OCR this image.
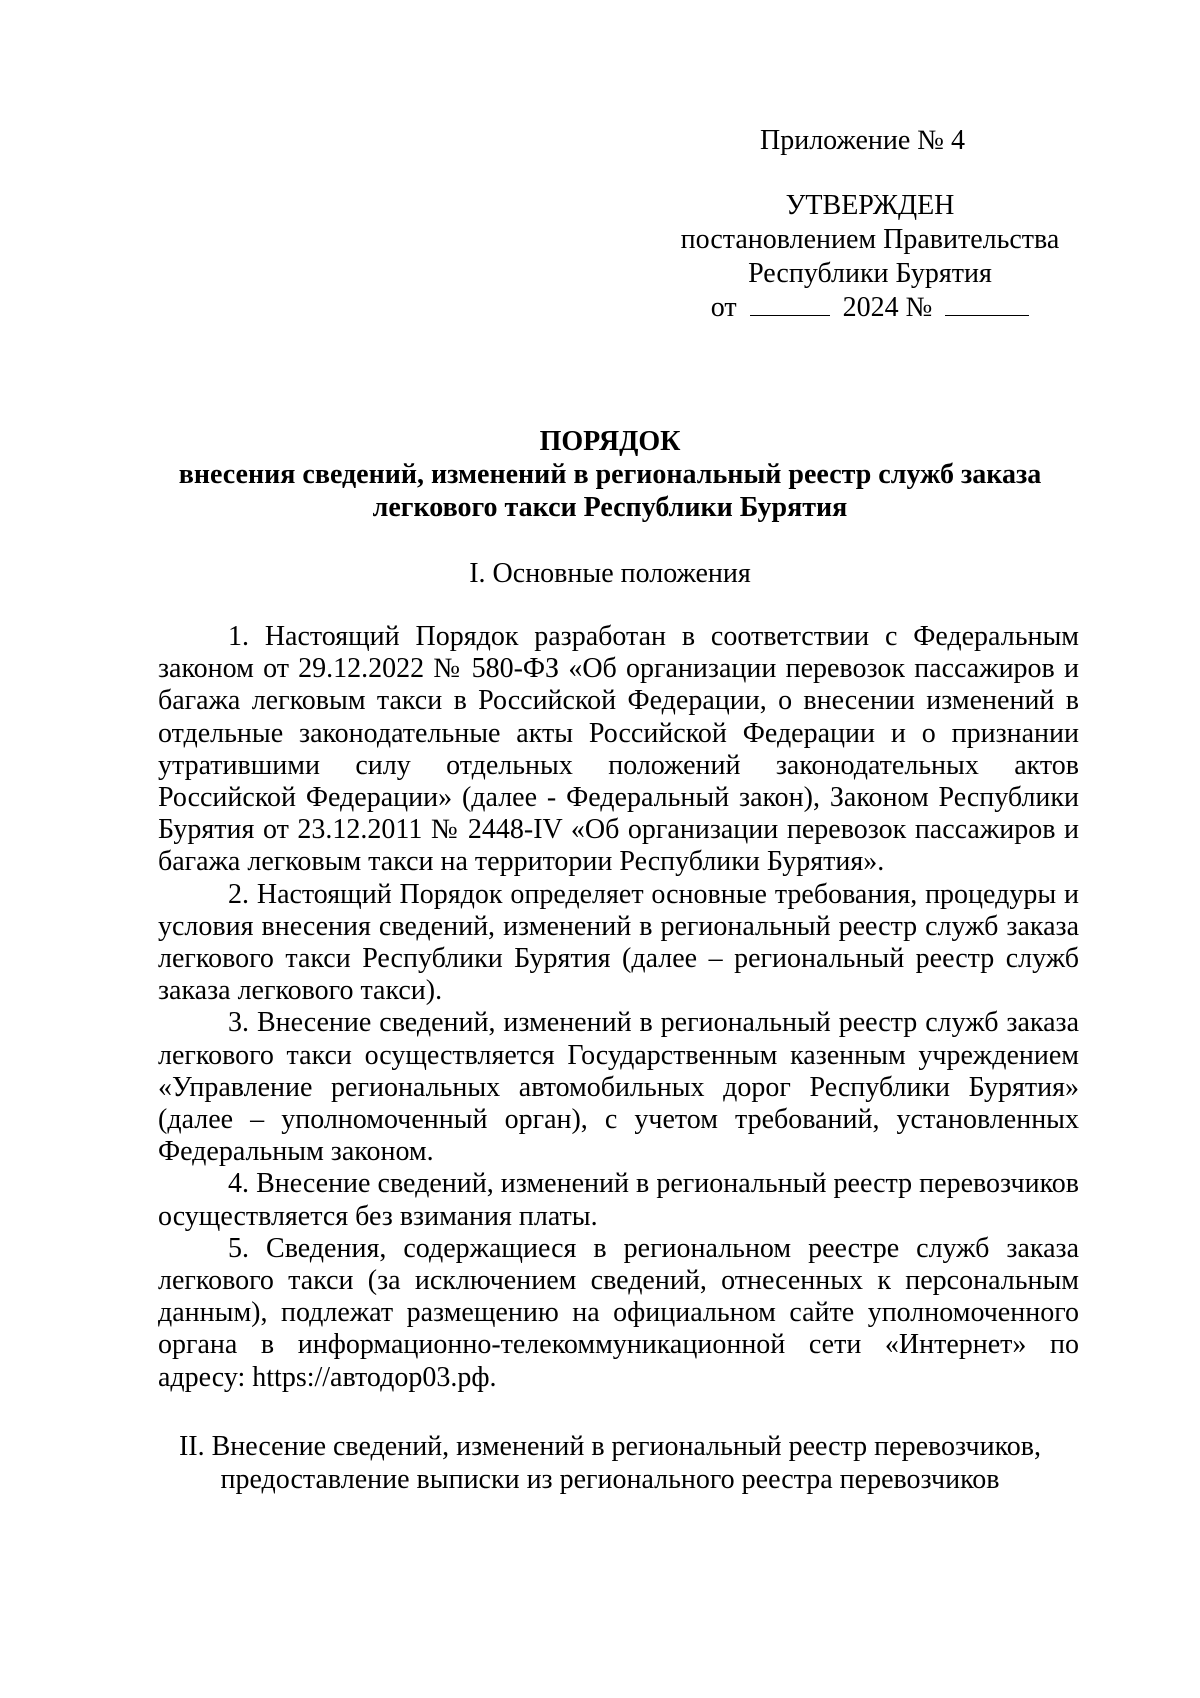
Приложение № 4
УТВЕРЖДЕН
постановлением Правительства
Республики Бурятия
от	2024 №
ПОРЯДОК
внесения сведений, изменений в региональный реестр служб заказа
легкового такси Республики Бурятия
I. Основные положения

1. Настоящий Порядок разработан в соответствии с Федеральным законом от 29.12.2022 № 580-ФЗ «Об организации перевозок пассажиров и багажа легковым такси в Российской Федерации, о внесении изменений в отдельные законодательные акты Российской Федерации и о признании утратившими силу отдельных положений законодательных актов Российской Федерации» (далее - Федеральный закон), Законом Республики Бурятия от 23.12.2011 № 2448-IV «Об организации перевозок пассажиров и багажа легковым такси на территории Республики Бурятия».

2. Настоящий Порядок определяет основные требования, процедуры и условия внесения сведений, изменений в региональный реестр служб заказа легкового такси Республики Бурятия (далее – региональный реестр служб заказа легкового такси).

3. Внесение сведений, изменений в региональный реестр служб заказа легкового такси осуществляется Государственным казенным учреждением «Управление региональных автомобильных дорог Республики Бурятия» (далее – уполномоченный орган), с учетом требований, установленных Федеральным законом.

4. Внесение сведений, изменений в региональный реестр перевозчиков осуществляется без взимания платы.

5. Сведения, содержащиеся в региональном реестре служб заказа легкового такси (за исключением сведений, отнесенных к персональным данным), подлежат размещению на официальном сайте уполномоченного органа в информационно-телекоммуникационной сети «Интернет» по адресу: https://автодор03.рф.

II. Внесение сведений, изменений в региональный реестр перевозчиков,
предоставление выписки из регионального реестра перевозчиков
